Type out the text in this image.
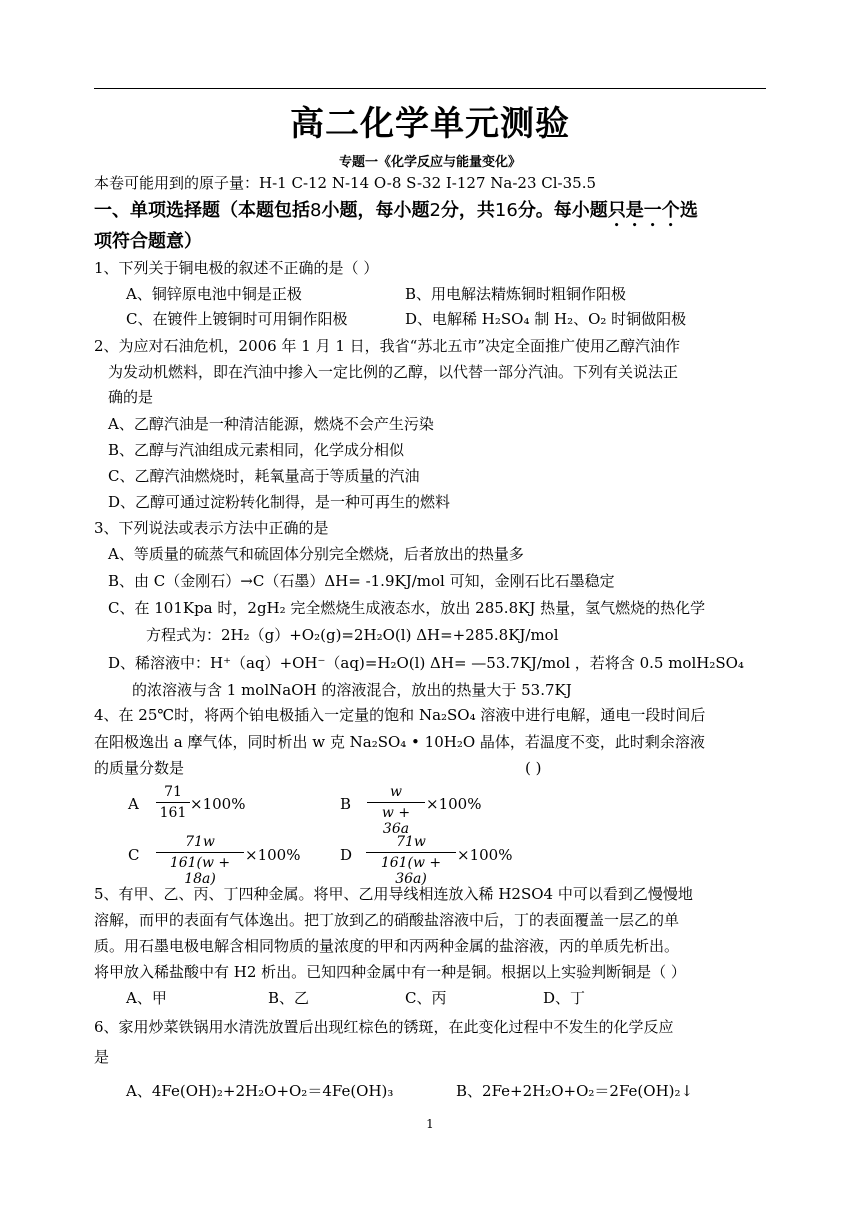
高二化学单元测验
专题一《化学反应与能量变化》
本卷可能用到的原子量：H-1 C-12 N-14 O-8 S-32 I-127 Na-23 Cl-35.5
一、单项选择题（本题包括8小题，每小题2分，共16分。每小题只是一个选
项符合题意）
1、下列关于铜电极的叙述不正确的是（ ）
A、铜锌原电池中铜是正极	B、用电解法精炼铜时粗铜作阳极
C、在镀件上镀铜时可用铜作阳极	D、电解稀 H₂SO₄ 制 H₂、O₂ 时铜做阳极
2、为应对石油危机，2006 年 1 月 1 日，我省“苏北五市”决定全面推广使用乙醇汽油作
为发动机燃料，即在汽油中掺入一定比例的乙醇，以代替一部分汽油。下列有关说法正
确的是
A、乙醇汽油是一种清洁能源，燃烧不会产生污染
B、乙醇与汽油组成元素相同，化学成分相似
C、乙醇汽油燃烧时，耗氧量高于等质量的汽油
D、乙醇可通过淀粉转化制得，是一种可再生的燃料
3、下列说法或表示方法中正确的是
A、等质量的硫蒸气和硫固体分别完全燃烧，后者放出的热量多
B、由 C（金刚石）→C（石墨）ΔH= -1.9KJ/mol 可知，金刚石比石墨稳定
C、在 101Kpa 时，2gH₂ 完全燃烧生成液态水，放出 285.8KJ 热量，氢气燃烧的热化学
方程式为：2H₂（g）+O₂(g)=2H₂O(l) ΔH=+285.8KJ/mol
D、稀溶液中：H⁺（aq）+OH⁻（aq)=H₂O(l) ΔH= —53.7KJ/mol ，若将含 0.5 molH₂SO₄
的浓溶液与含 1 molNaOH 的溶液混合，放出的热量大于 53.7KJ
4、在 25℃时，将两个铂电极插入一定量的饱和 Na₂SO₄ 溶液中进行电解，通电一段时间后
在阳极逸出 a 摩气体，同时析出 w 克 Na₂SO₄ • 10H₂O 晶体，若温度不变，此时剩余溶液
的质量分数是	( )
A $\frac{71}{161} \times 100\%$	B $\frac{w}{w + 36a} \times 100\%$
C $\frac{71w}{161(w + 18a)} \times 100\%$	D $\frac{71w}{161(w + 36a)} \times 100\%$
5、有甲、乙、丙、丁四种金属。将甲、乙用导线相连放入稀 H2SO4 中可以看到乙慢慢地
溶解，而甲的表面有气体逸出。把丁放到乙的硝酸盐溶液中后，丁的表面覆盖一层乙的单
质。用石墨电极电解含相同物质的量浓度的甲和丙两种金属的盐溶液，丙的单质先析出。
将甲放入稀盐酸中有 H2 析出。已知四种金属中有一种是铜。根据以上实验判断铜是（ ）
A、甲	B、乙	C、丙	D、丁
6、家用炒菜铁锅用水清洗放置后出现红棕色的锈斑，在此变化过程中不发生的化学反应
是
A、4Fe(OH)₂+2H₂O+O₂＝4Fe(OH)₃	B、2Fe+2H₂O+O₂＝2Fe(OH)₂↓
1
